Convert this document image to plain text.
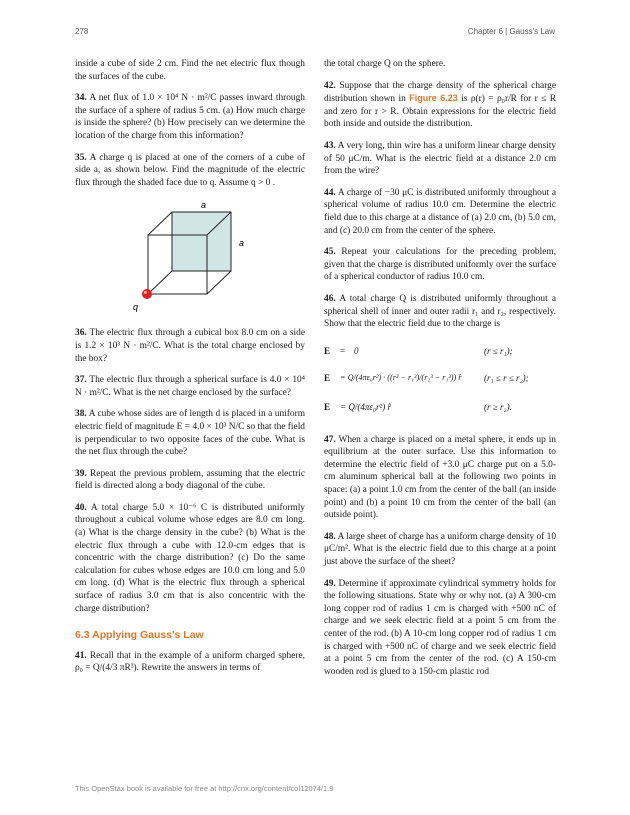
278	Chapter 6 | Gauss's Law

inside a cube of side 2 cm. Find the net electric flux though the surfaces of the cube.

34. A net flux of 1.0 × 10⁴ N · m²/C passes inward through the surface of a sphere of radius 5 cm. (a) How much charge is inside the sphere? (b) How precisely can we determine the location of the charge from this information?

35. A charge q is placed at one of the corners of a cube of side a, as shown below. Find the magnitude of the electric flux through the shaded face due to q. Assume q > 0 .

a
a
q

36. The electric flux through a cubical box 8.0 cm on a side is 1.2 × 10³ N · m²/C. What is the total charge enclosed by the box?

37. The electric flux through a spherical surface is 4.0 × 10⁴ N · m²/C. What is the net charge enclosed by the surface?

38. A cube whose sides are of length d is placed in a uniform electric field of magnitude E = 4.0 × 10³ N/C so that the field is perpendicular to two opposite faces of the cube. What is the net flux through the cube?

39. Repeat the previous problem, assuming that the electric field is directed along a body diagonal of the cube.

40. A total charge 5.0 × 10⁻⁶ C is distributed uniformly throughout a cubical volume whose edges are 8.0 cm long. (a) What is the charge density in the cube? (b) What is the electric flux through a cube with 12.0-cm edges that is concentric with the charge distribution? (c) Do the same calculation for cubes whose edges are 10.0 cm long and 5.0 cm long. (d) What is the electric flux through a spherical surface of radius 3.0 cm that is also concentric with the charge distribution?

6.3 Applying Gauss's Law

41. Recall that in the example of a uniform charged sphere, ρ₀ = Q/(4/3 πR³). Rewrite the answers in terms of

the total charge Q on the sphere.

42. Suppose that the charge density of the spherical charge distribution shown in Figure 6.23 is ρ(r) = ρ₀r/R for r ≤ R and zero for r > R. Obtain expressions for the electric field both inside and outside the distribution.

43. A very long, thin wire has a uniform linear charge density of 50 μC/m. What is the electric field at a distance 2.0 cm from the wire?

44. A charge of −30 μC is distributed uniformly throughout a spherical volume of radius 10.0 cm. Determine the electric field due to this charge at a distance of (a) 2.0 cm, (b) 5.0 cm, and (c) 20.0 cm from the center of the sphere.

45. Repeat your calculations for the preceding problem, given that the charge is distributed uniformly over the surface of a spherical conductor of radius 10.0 cm.

46. A total charge Q is distributed uniformly throughout a spherical shell of inner and outer radii r₁ and r₂, respectively. Show that the electric field due to the charge is

E	= 0	(r ≤ r₁);
E	= Q/(4πε₀r²) · ((r³ − r₁³)/(r₂³ − r₁³)) r̂	(r₁ ≤ r ≤ r₂);
E	= Q/(4πε₀r²) r̂	(r ≥ r₂).

47. When a charge is placed on a metal sphere, it ends up in equilibrium at the outer surface. Use this information to determine the electric field of +3.0 μC charge put on a 5.0-cm aluminum spherical ball at the following two points in space: (a) a point 1.0 cm from the center of the ball (an inside point) and (b) a point 10 cm from the center of the ball (an outside point).

48. A large sheet of charge has a uniform charge density of 10 μC/m². What is the electric field due to this charge at a point just above the surface of the sheet?

49. Determine if approximate cylindrical symmetry holds for the following situations. State why or why not. (a) A 300-cm long copper rod of radius 1 cm is charged with +500 nC of charge and we seek electric field at a point 5 cm from the center of the rod. (b) A 10-cm long copper rod of radius 1 cm is charged with +500 nC of charge and we seek electric field at a point 5 cm from the center of the rod. (c) A 150-cm wooden rod is glued to a 150-cm plastic rod

This OpenStax book is available for free at http://cnx.org/content/col12074/1.9
